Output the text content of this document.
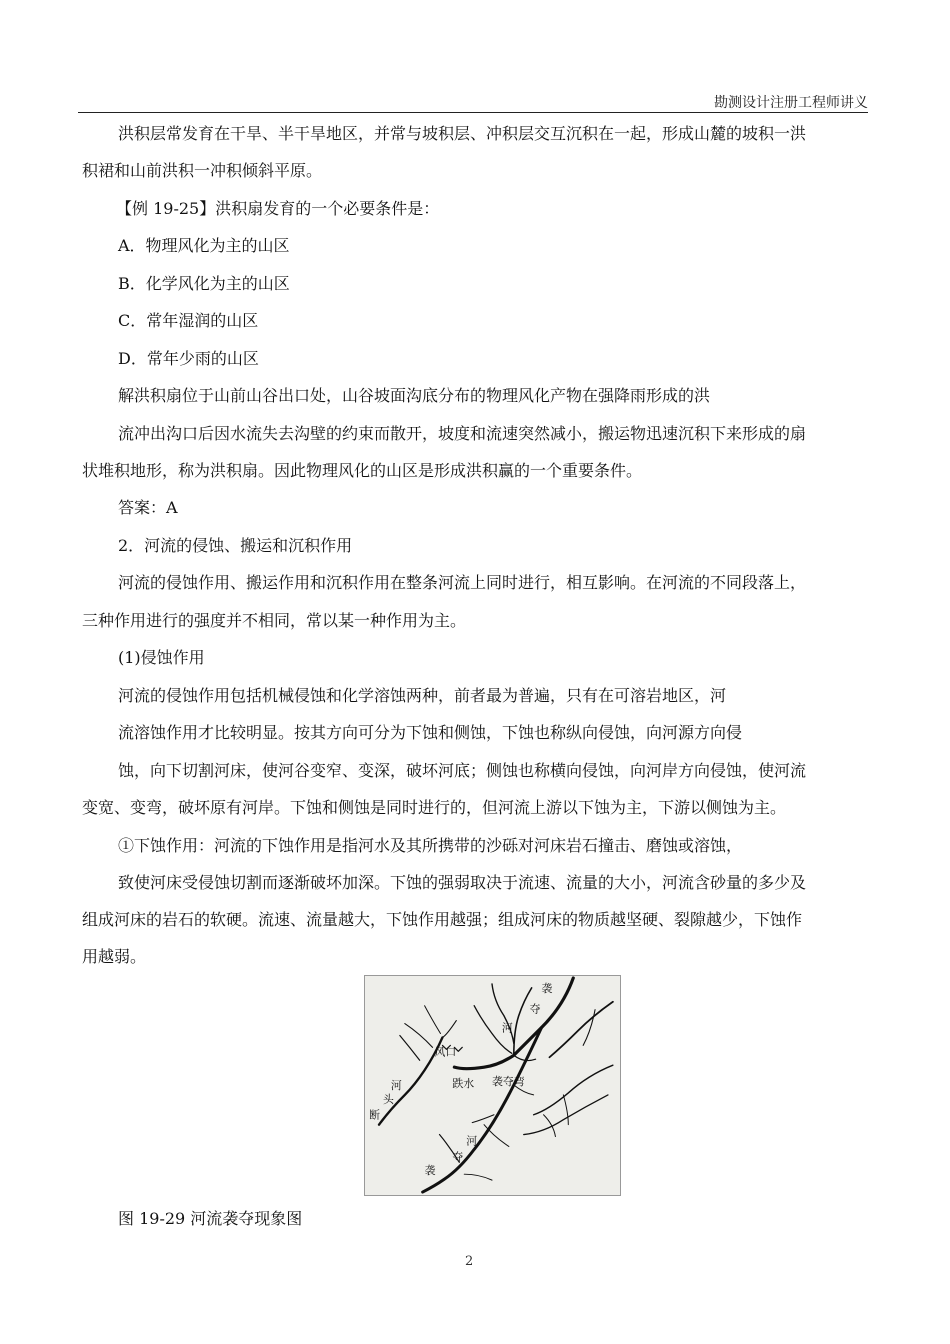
勘测设计注册工程师讲义
洪积层常发育在干旱、半干旱地区，并常与坡积层、冲积层交互沉积在一起，形成山麓的坡积一洪
积裙和山前洪积一冲积倾斜平原。
【例 19-25】洪积扇发育的一个必要条件是：
A．物理风化为主的山区
B．化学风化为主的山区
C．常年湿润的山区
D．常年少雨的山区
解洪积扇位于山前山谷出口处，山谷坡面沟底分布的物理风化产物在强降雨形成的洪
流冲出沟口后因水流失去沟壁的约束而散开，坡度和流速突然减小，搬运物迅速沉积下来形成的扇
状堆积地形，称为洪积扇。因此物理风化的山区是形成洪积赢的一个重要条件。
答案：A
2．河流的侵蚀、搬运和沉积作用
河流的侵蚀作用、搬运作用和沉积作用在整条河流上同时进行，相互影响。在河流的不同段落上，
三种作用进行的强度并不相同，常以某一种作用为主。
(1)侵蚀作用
河流的侵蚀作用包括机械侵蚀和化学溶蚀两种，前者最为普遍，只有在可溶岩地区，河
流溶蚀作用才比较明显。按其方向可分为下蚀和侧蚀，下蚀也称纵向侵蚀，向河源方向侵
蚀，向下切割河床，使河谷变窄、变深，破坏河底；侧蚀也称横向侵蚀，向河岸方向侵蚀，使河流
变宽、变弯，破坏原有河岸。下蚀和侧蚀是同时进行的，但河流上游以下蚀为主，下游以侧蚀为主。
①下蚀作用：河流的下蚀作用是指河水及其所携带的沙砾对河床岩石撞击、磨蚀或溶蚀，
致使河床受侵蚀切割而逐渐破坏加深。下蚀的强弱取决于流速、流量的大小，河流含砂量的多少及
组成河床的岩石的软硬。流速、流量越大，下蚀作用越强；组成河床的物质越坚硬、裂隙越少，下蚀作
用越弱。
袭
河
夺
风口
河
头
断
跌水 袭夺弯
河
夺
袭
图 19-29 河流袭夺现象图
2
